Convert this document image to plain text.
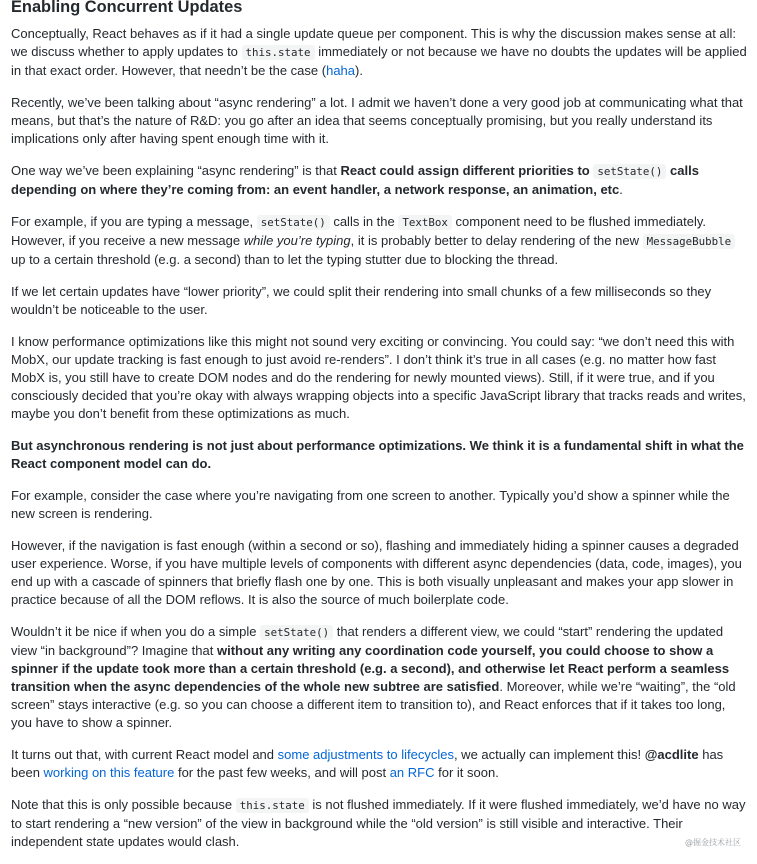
Enabling Concurrent Updates

Conceptually, React behaves as if it had a single update queue per component. This is why the discussion makes sense at all: we discuss whether to apply updates to this.state immediately or not because we have no doubts the updates will be applied in that exact order. However, that needn’t be the case (haha).

Recently, we’ve been talking about “async rendering” a lot. I admit we haven’t done a very good job at communicating what that means, but that’s the nature of R&D: you go after an idea that seems conceptually promising, but you really understand its implications only after having spent enough time with it.

One way we’ve been explaining “async rendering” is that React could assign different priorities to setState() calls depending on where they’re coming from: an event handler, a network response, an animation, etc.

For example, if you are typing a message, setState() calls in the TextBox component need to be flushed immediately. However, if you receive a new message while you’re typing, it is probably better to delay rendering of the new MessageBubble up to a certain threshold (e.g. a second) than to let the typing stutter due to blocking the thread.

If we let certain updates have “lower priority”, we could split their rendering into small chunks of a few milliseconds so they wouldn’t be noticeable to the user.

I know performance optimizations like this might not sound very exciting or convincing. You could say: “we don’t need this with MobX, our update tracking is fast enough to just avoid re-renders”. I don’t think it’s true in all cases (e.g. no matter how fast MobX is, you still have to create DOM nodes and do the rendering for newly mounted views). Still, if it were true, and if you consciously decided that you’re okay with always wrapping objects into a specific JavaScript library that tracks reads and writes, maybe you don’t benefit from these optimizations as much.

But asynchronous rendering is not just about performance optimizations. We think it is a fundamental shift in what the React component model can do.

For example, consider the case where you’re navigating from one screen to another. Typically you’d show a spinner while the new screen is rendering.

However, if the navigation is fast enough (within a second or so), flashing and immediately hiding a spinner causes a degraded user experience. Worse, if you have multiple levels of components with different async dependencies (data, code, images), you end up with a cascade of spinners that briefly flash one by one. This is both visually unpleasant and makes your app slower in practice because of all the DOM reflows. It is also the source of much boilerplate code.

Wouldn’t it be nice if when you do a simple setState() that renders a different view, we could “start” rendering the updated view “in background”? Imagine that without any writing any coordination code yourself, you could choose to show a spinner if the update took more than a certain threshold (e.g. a second), and otherwise let React perform a seamless transition when the async dependencies of the whole new subtree are satisfied. Moreover, while we’re “waiting”, the “old screen” stays interactive (e.g. so you can choose a different item to transition to), and React enforces that if it takes too long, you have to show a spinner.

It turns out that, with current React model and some adjustments to lifecycles, we actually can implement this! @acdlite has been working on this feature for the past few weeks, and will post an RFC for it soon.

Note that this is only possible because this.state is not flushed immediately. If it were flushed immediately, we’d have no way to start rendering a “new version” of the view in background while the “old version” is still visible and interactive. Their independent state updates would clash.	@掘金技术社区
